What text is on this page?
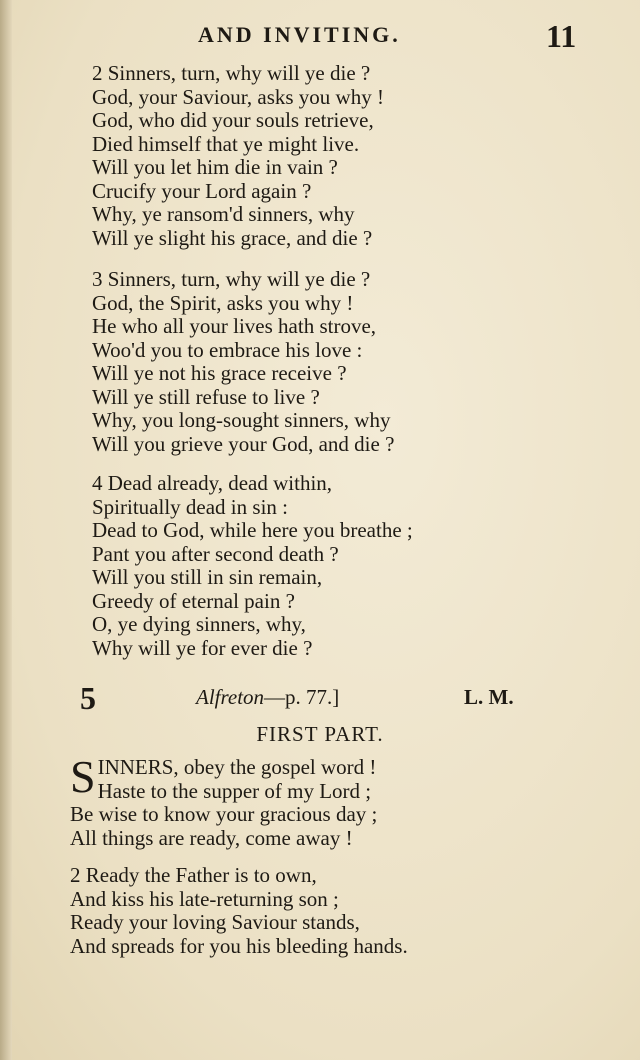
AND INVITING.	11
2 Sinners, turn, why will ye die ?
God, your Saviour, asks you why !
God, who did your souls retrieve,
Died himself that ye might live.
Will you let him die in vain ?
Crucify your Lord again ?
Why, ye ransom'd sinners, why
Will ye slight his grace, and die ?
3 Sinners, turn, why will ye die ?
God, the Spirit, asks you why !
He who all your lives hath strove,
Woo'd you to embrace his love :
Will ye not his grace receive ?
Will ye still refuse to live ?
Why, you long-sought sinners, why
Will you grieve your God, and die ?
4 Dead already, dead within,
Spiritually dead in sin :
Dead to God, while here you breathe ;
Pant you after second death ?
Will you still in sin remain,
Greedy of eternal pain ?
O, ye dying sinners, why,
Why will ye for ever die ?
5	Alfreton—p. 77.]	L. M.
FIRST PART.
S INNERS, obey the gospel word !
Haste to the supper of my Lord ;
Be wise to know your gracious day ;
All things are ready, come away !
2 Ready the Father is to own,
And kiss his late-returning son ;
Ready your loving Saviour stands,
And spreads for you his bleeding hands.
